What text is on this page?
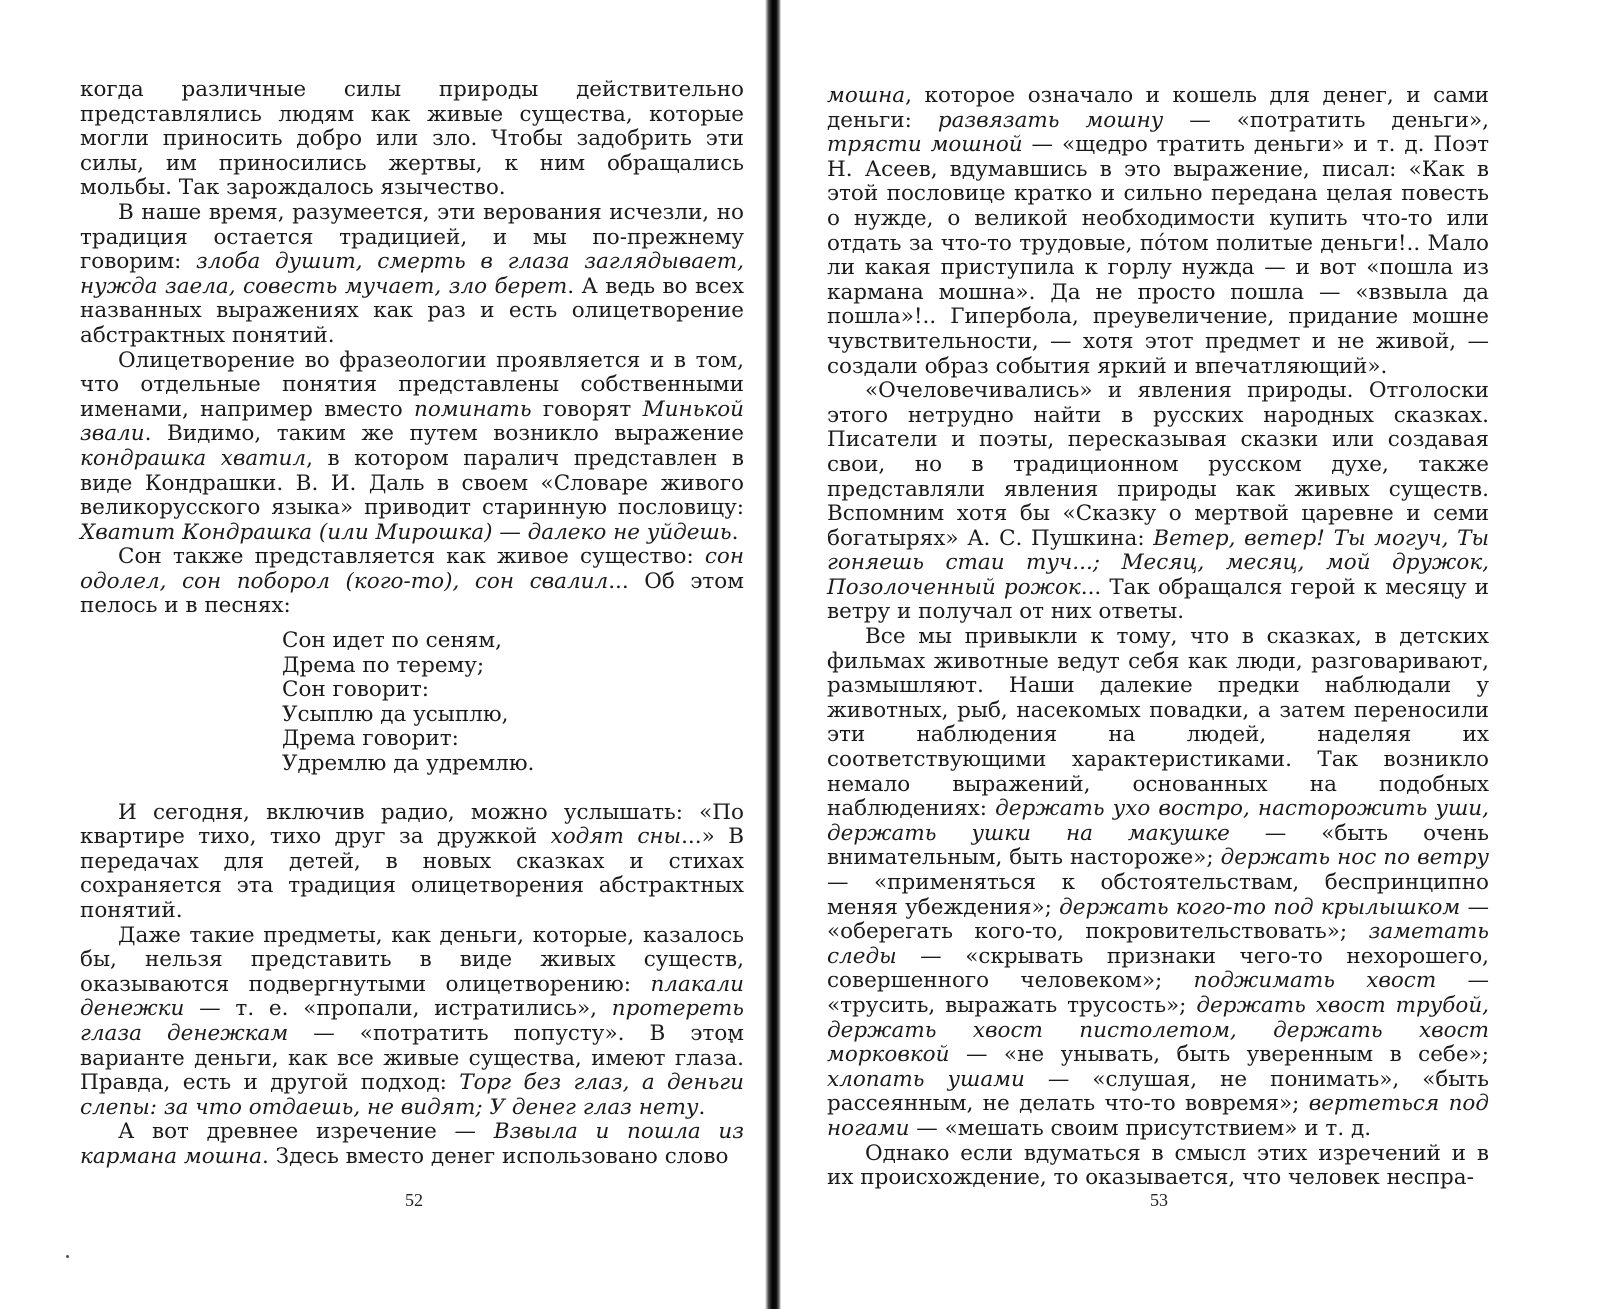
когда различные силы природы действительно представлялись людям как живые существа, которые могли приносить добро или зло. Чтобы задобрить эти силы, им приносились жертвы, к ним обращались мольбы. Так зарождалось язычество.

В наше время, разумеется, эти верования исчезли, но традиция остается традицией, и мы по-прежнему говорим: злоба душит, смерть в глаза заглядывает, нужда заела, совесть мучает, зло берет. А ведь во всех названных выражениях как раз и есть олицетворение абстрактных понятий.

Олицетворение во фразеологии проявляется и в том, что отдельные понятия представлены собственными именами, например вместо поминать говорят Минькой звали. Видимо, таким же путем возникло выражение кондрашка хватил, в котором паралич представлен в виде Кондрашки. В. И. Даль в своем «Словаре живого великорусского языка» приводит старинную пословицу: Хватит Кондрашка (или Мирошка) — далеко не уйдешь.

Сон также представляется как живое существо: сон одолел, сон поборол (кого-то), сон свалил... Об этом пелось и в песнях:

Сон идет по сеням,
Дрема по терему;
Сон говорит:
Усыплю да усыплю,
Дрема говорит:
Удремлю да удремлю.

И сегодня, включив радио, можно услышать: «По квартире тихо, тихо друг за дружкой ходят сны...» В передачах для детей, в новых сказках и стихах сохраняется эта традиция олицетворения абстрактных понятий.

Даже такие предметы, как деньги, которые, казалось бы, нельзя представить в виде живых существ, оказываются подвергнутыми олицетворению: плакали денежки — т. е. «пропали, истратились», протереть глаза денежкам — «потратить попусту». В этом варианте деньги, как все живые существа, имеют глаза. Правда, есть и другой подход: Торг без глаз, а деньги слепы: за что отдаешь, не видят; У денег глаз нету.

А вот древнее изречение — Взвыла и пошла из кармана мошна. Здесь вместо денег использовано слово

52

мошна, которое означало и кошель для денег, и сами деньги: развязать мошну — «потратить деньги», трясти мошной — «щедро тратить деньги» и т. д. Поэт Н. Асеев, вдумавшись в это выражение, писал: «Как в этой пословице кратко и сильно передана целая повесть о нужде, о великой необходимости купить что-то или отдать за что-то трудовые, пóтом политые деньги!.. Мало ли какая приступила к горлу нужда — и вот «пошла из кармана мошна». Да не просто пошла — «взвыла да пошла»!.. Гипербола, преувеличение, придание мошне чувствительности, — хотя этот предмет и не живой, — создали образ события яркий и впечатляющий».

«Очеловечивались» и явления природы. Отголоски этого нетрудно найти в русских народных сказках. Писатели и поэты, пересказывая сказки или создавая свои, но в традиционном русском духе, также представляли явления природы как живых существ. Вспомним хотя бы «Сказку о мертвой царевне и семи богатырях» А. С. Пушкина: Ветер, ветер! Ты могуч, Ты гоняешь стаи туч...; Месяц, месяц, мой дружок, Позолоченный рожок... Так обращался герой к месяцу и ветру и получал от них ответы.

Все мы привыкли к тому, что в сказках, в детских фильмах животные ведут себя как люди, разговаривают, размышляют. Наши далекие предки наблюдали у животных, рыб, насекомых повадки, а затем переносили эти наблюдения на людей, наделяя их соответствующими характеристиками. Так возникло немало выражений, основанных на подобных наблюдениях: держать ухо востро, насторожить уши, держать ушки на макушке — «быть очень внимательным, быть настороже»; держать нос по ветру — «применяться к обстоятельствам, беспринципно меняя убеждения»; держать кого-то под крылышком — «оберегать кого-то, покровительствовать»; заметать следы — «скрывать признаки чего-то нехорошего, совершенного человеком»; поджимать хвост — «трусить, выражать трусость»; держать хвост трубой, держать хвост пистолетом, держать хвост морковкой — «не унывать, быть уверенным в себе»; хлопать ушами — «слушая, не понимать», «быть рассеянным, не делать что-то вовремя»; вертеться под ногами — «мешать своим присутствием» и т. д.

Однако если вдуматься в смысл этих изречений и в их происхождение, то оказывается, что человек неспра-

53
